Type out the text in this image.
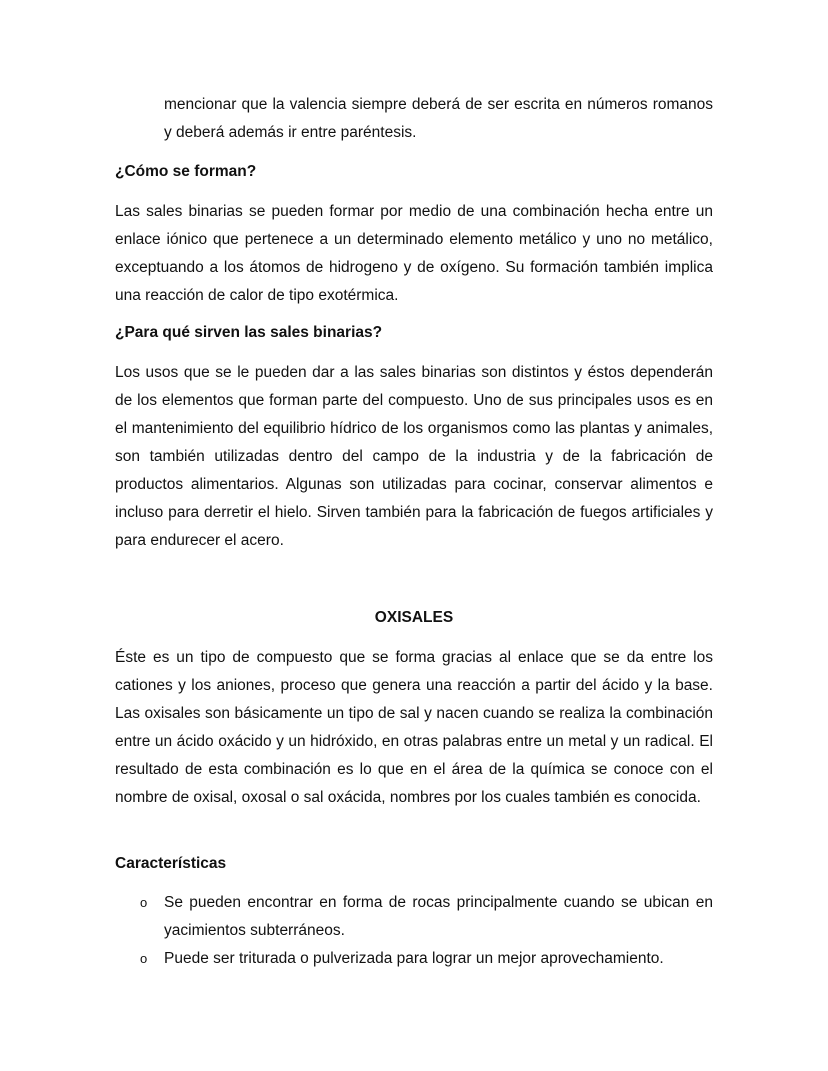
mencionar que la valencia siempre deberá de ser escrita en números romanos y deberá además ir entre paréntesis.

¿Cómo se forman?

Las sales binarias se pueden formar por medio de una combinación hecha entre un enlace iónico que pertenece a un determinado elemento metálico y uno no metálico, exceptuando a los átomos de hidrogeno y de oxígeno. Su formación también implica una reacción de calor de tipo exotérmica.

¿Para qué sirven las sales binarias?

Los usos que se le pueden dar a las sales binarias son distintos y éstos dependerán de los elementos que forman parte del compuesto. Uno de sus principales usos es en el mantenimiento del equilibrio hídrico de los organismos como las plantas y animales, son también utilizadas dentro del campo de la industria y de la fabricación de productos alimentarios. Algunas son utilizadas para cocinar, conservar alimentos e incluso para derretir el hielo. Sirven también para la fabricación de fuegos artificiales y para endurecer el acero.

OXISALES

Éste es un tipo de compuesto que se forma gracias al enlace que se da entre los cationes y los aniones, proceso que genera una reacción a partir del ácido y la base. Las oxisales son básicamente un tipo de sal y nacen cuando se realiza la combinación entre un ácido oxácido y un hidróxido, en otras palabras entre un metal y un radical. El resultado de esta combinación es lo que en el área de la química se conoce con el nombre de oxisal, oxosal o sal oxácida, nombres por los cuales también es conocida.

Características
o Se pueden encontrar en forma de rocas principalmente cuando se ubican en yacimientos subterráneos.
o Puede ser triturada o pulverizada para lograr un mejor aprovechamiento.
